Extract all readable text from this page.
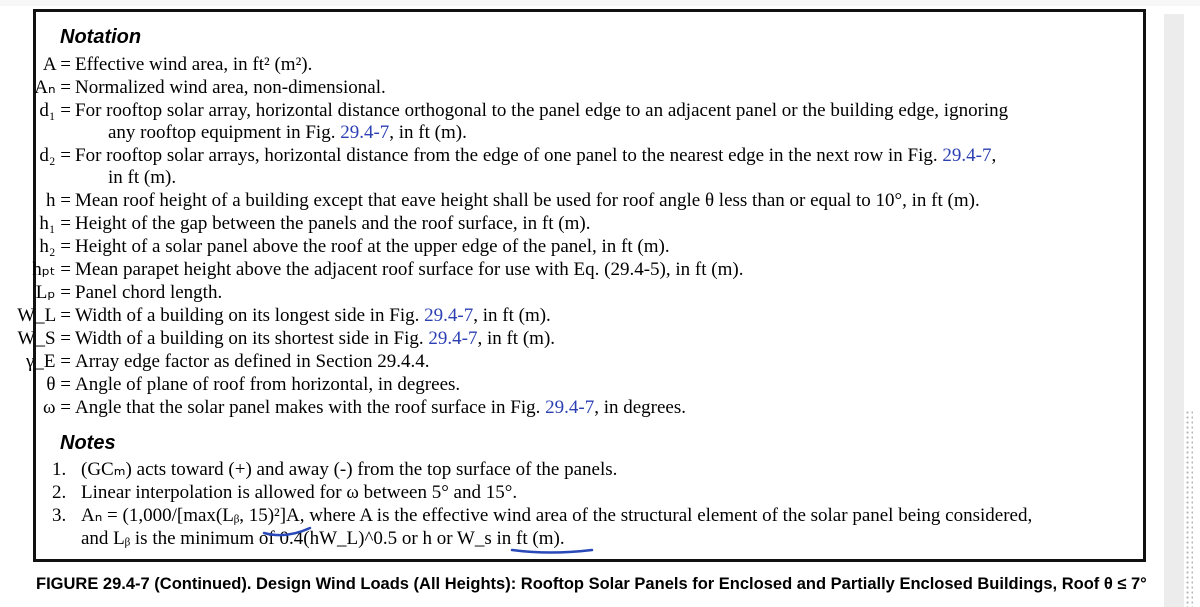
Notation
A = Effective wind area, in ft² (m²).
Aₙ = Normalized wind area, non-dimensional.
d₁ = For rooftop solar array, horizontal distance orthogonal to the panel edge to an adjacent panel or the building edge, ignoring
any rooftop equipment in Fig. 29.4-7, in ft (m).
d₂ = For rooftop solar arrays, horizontal distance from the edge of one panel to the nearest edge in the next row in Fig. 29.4-7,
in ft (m).
h = Mean roof height of a building except that eave height shall be used for roof angle θ less than or equal to 10°, in ft (m).
h₁ = Height of the gap between the panels and the roof surface, in ft (m).
h₂ = Height of a solar panel above the roof at the upper edge of the panel, in ft (m).
hₚₜ = Mean parapet height above the adjacent roof surface for use with Eq. (29.4-5), in ft (m).
Lₚ = Panel chord length.
W_L = Width of a building on its longest side in Fig. 29.4-7, in ft (m).
W_S = Width of a building on its shortest side in Fig. 29.4-7, in ft (m).
γ_E = Array edge factor as defined in Section 29.4.4.
θ = Angle of plane of roof from horizontal, in degrees.
ω = Angle that the solar panel makes with the roof surface in Fig. 29.4-7, in degrees.
Notes
1. (GCₘ) acts toward (+) and away (-) from the top surface of the panels.
2. Linear interpolation is allowed for ω between 5° and 15°.
3. Aₙ = (1,000/[max(Lᵦ, 15)²]A, where A is the effective wind area of the structural element of the solar panel being considered,
and Lᵦ is the minimum of 0.4(hW_L)^0.5 or h or W_s in ft (m).
FIGURE 29.4-7 (Continued). Design Wind Loads (All Heights): Rooftop Solar Panels for Enclosed and Partially Enclosed Buildings, Roof θ ≤ 7°
